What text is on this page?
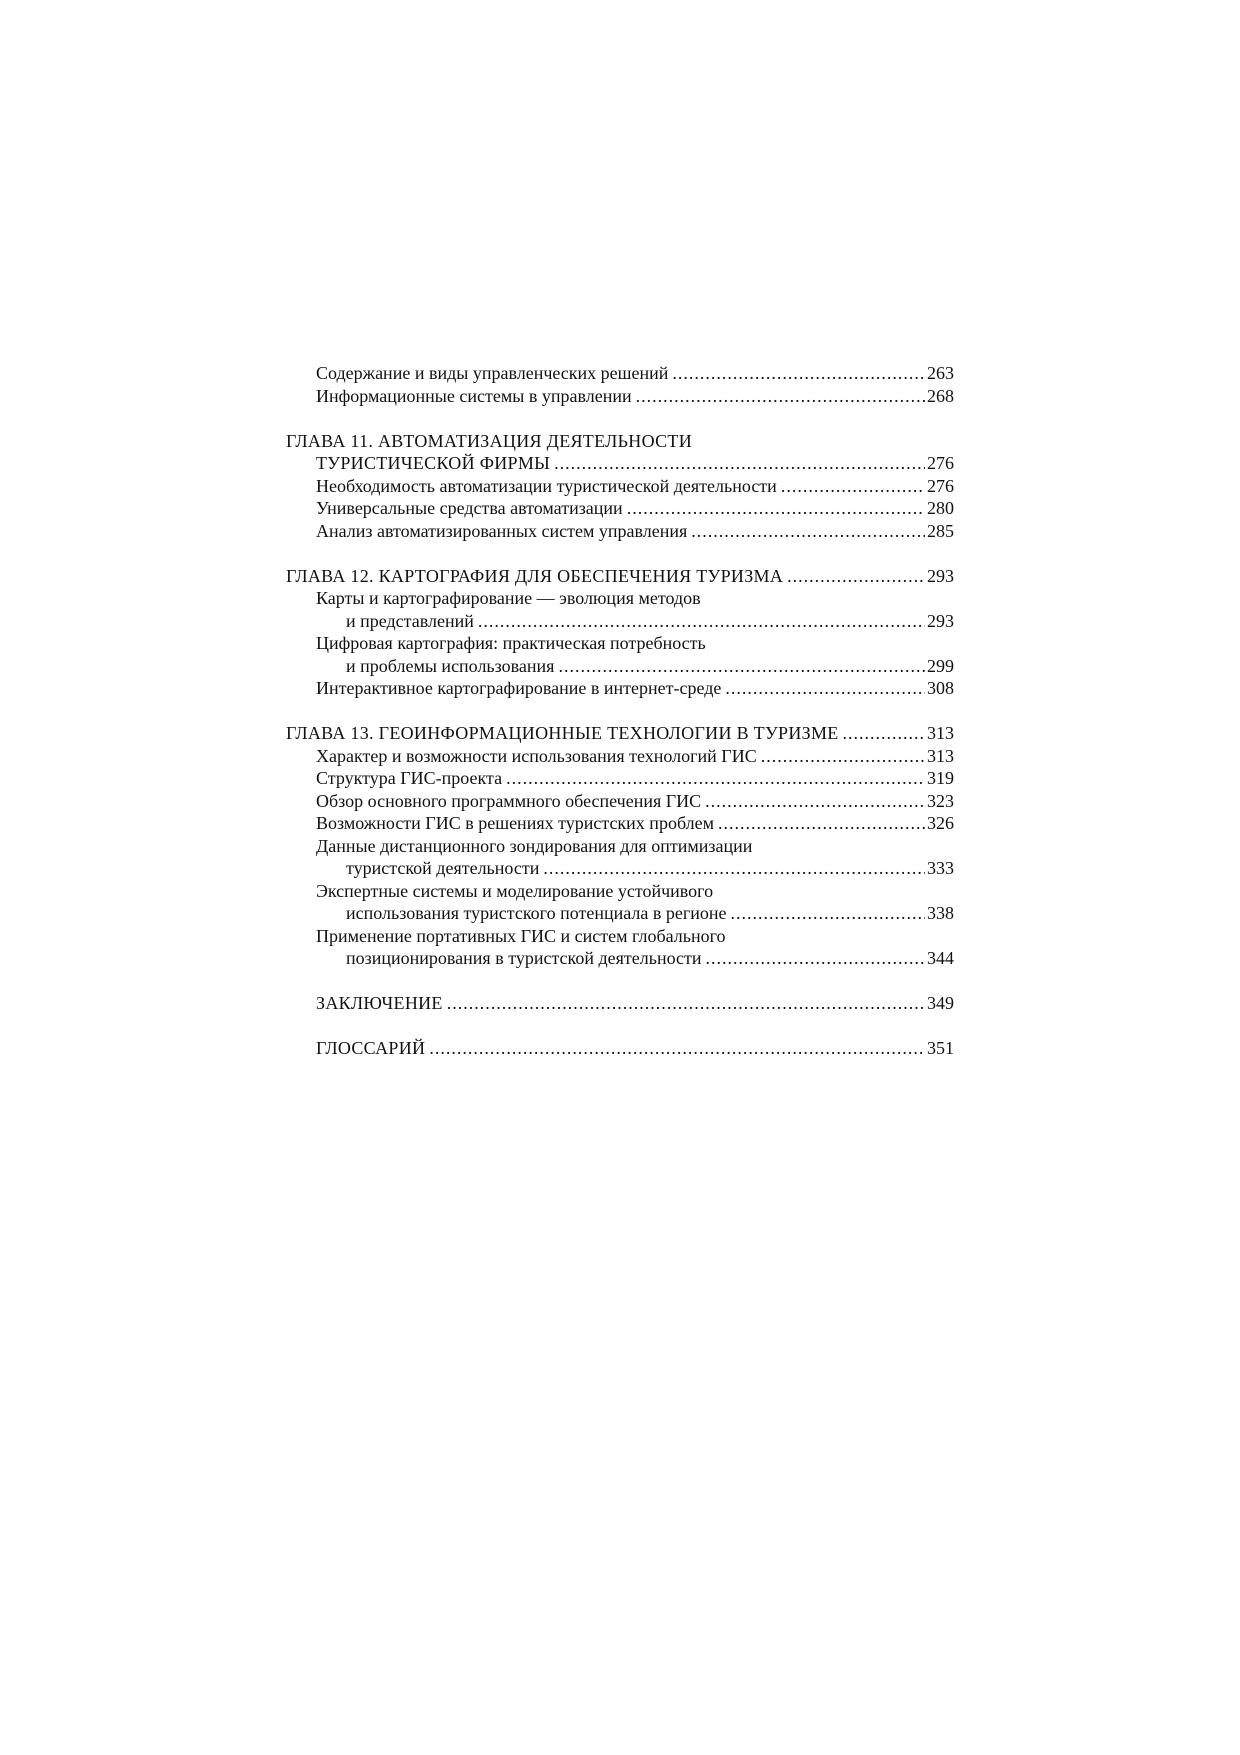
Содержание и виды управленческих решений .....	263
Информационные системы в управлении .....	268
ГЛАВА 11. АВТОМАТИЗАЦИЯ ДЕЯТЕЛЬНОСТИ
ТУРИСТИЧЕСКОЙ ФИРМЫ .....	276
Необходимость автоматизации туристической деятельности .....	276
Универсальные средства автоматизации .....	280
Анализ автоматизированных систем управления .....	285
ГЛАВА 12. КАРТОГРАФИЯ ДЛЯ ОБЕСПЕЧЕНИЯ ТУРИЗМА .....	293
Карты и картографирование — эволюция методов
и представлений .....	293
Цифровая картография: практическая потребность
и проблемы использования .....	299
Интерактивное картографирование в интернет-среде .....	308
ГЛАВА 13. ГЕОИНФОРМАЦИОННЫЕ ТЕХНОЛОГИИ В ТУРИЗМЕ .....	313
Характер и возможности использования технологий ГИС .....	313
Структура ГИС-проекта .....	319
Обзор основного программного обеспечения ГИС .....	323
Возможности ГИС в решениях туристских проблем .....	326
Данные дистанционного зондирования для оптимизации
туристской деятельности .....	333
Экспертные системы и моделирование устойчивого
использования туристского потенциала в регионе .....	338
Применение портативных ГИС и систем глобального
позиционирования в туристской деятельности .....	344
ЗАКЛЮЧЕНИЕ .....	349
ГЛОССАРИЙ .....	351
